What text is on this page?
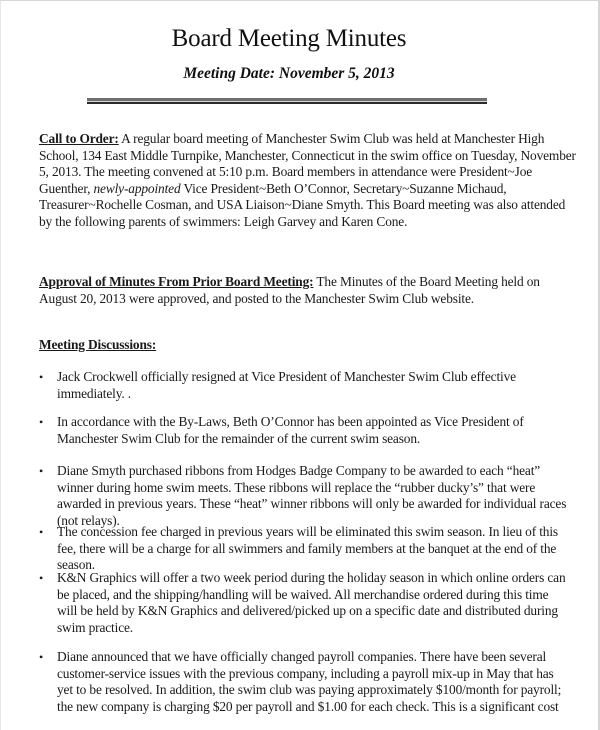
Board Meeting Minutes
Meeting Date: November 5, 2013

Call to Order: A regular board meeting of Manchester Swim Club was held at Manchester High School, 134 East Middle Turnpike, Manchester, Connecticut in the swim office on Tuesday, November 5, 2013. The meeting convened at 5:10 p.m. Board members in attendance were President~Joe Guenther, newly-appointed Vice President~Beth O’Connor, Secretary~Suzanne Michaud, Treasurer~Rochelle Cosman, and USA Liaison~Diane Smyth. This Board meeting was also attended by the following parents of swimmers: Leigh Garvey and Karen Cone.

Approval of Minutes From Prior Board Meeting: The Minutes of the Board Meeting held on August 20, 2013 were approved, and posted to the Manchester Swim Club website.

Meeting Discussions:
•	Jack Crockwell officially resigned at Vice President of Manchester Swim Club effective immediately. .
•	In accordance with the By-Laws, Beth O’Connor has been appointed as Vice President of Manchester Swim Club for the remainder of the current swim season.
•	Diane Smyth purchased ribbons from Hodges Badge Company to be awarded to each “heat” winner during home swim meets. These ribbons will replace the “rubber ducky’s” that were awarded in previous years. These “heat” winner ribbons will only be awarded for individual races (not relays).
•	The concession fee charged in previous years will be eliminated this swim season. In lieu of this fee, there will be a charge for all swimmers and family members at the banquet at the end of the season.
•	K&N Graphics will offer a two week period during the holiday season in which online orders can be placed, and the shipping/handling will be waived. All merchandise ordered during this time will be held by K&N Graphics and delivered/picked up on a specific date and distributed during swim practice.
•	Diane announced that we have officially changed payroll companies. There have been several customer-service issues with the previous company, including a payroll mix-up in May that has yet to be resolved. In addition, the swim club was paying approximately $100/month for payroll; the new company is charging $20 per payroll and $1.00 for each check. This is a significant cost
